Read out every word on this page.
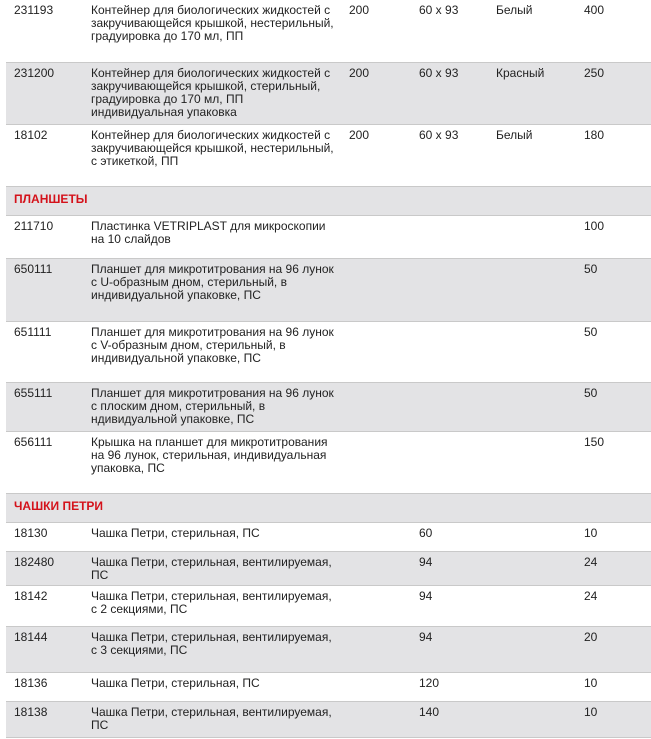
231193	Контейнер для биологических жидкостей с закручивающейся крышкой, нестерильный, градуировка до 170 мл, ПП	200	60 x 93	Белый	400
231200	Контейнер для биологических жидкостей с закручивающейся крышкой, стерильный, градуировка до 170 мл, ПП индивидуальная упаковка	200	60 x 93	Красный	250
18102	Контейнер для биологических жидкостей с закручивающейся крышкой, нестерильный, с этикеткой, ПП	200	60 x 93	Белый	180
ПЛАНШЕТЫ					
211710	Пластинка VETRIPLAST для микроскопии на 10 слайдов				100
650111	Планшет для микротитрования на 96 лунок с U-образным дном, стерильный, в индивидуальной упаковке, ПС				50
651111	Планшет для микротитрования на 96 лунок с V-образным дном, стерильный, в индивидуальной упаковке, ПС				50
655111	Планшет для микротитрования на 96 лунок с плоским дном, стерильный, в ндивидуальной упаковке, ПС				50
656111	Крышка на планшет для микротитрования на 96 лунок, стерильная, индивидуальная упаковка, ПС				150
ЧАШКИ ПЕТРИ					
18130	Чашка Петри, стерильная, ПС		60		10
182480	Чашка Петри, стерильная, вентилируемая, ПС		94		24
18142	Чашка Петри, стерильная, вентилируемая, с 2 секциями, ПС		94		24
18144	Чашка Петри, стерильная, вентилируемая, с 3 секциями, ПС		94		20
18136	Чашка Петри, стерильная, ПС		120		10
18138	Чашка Петри, стерильная, вентилируемая, ПС		140		10
